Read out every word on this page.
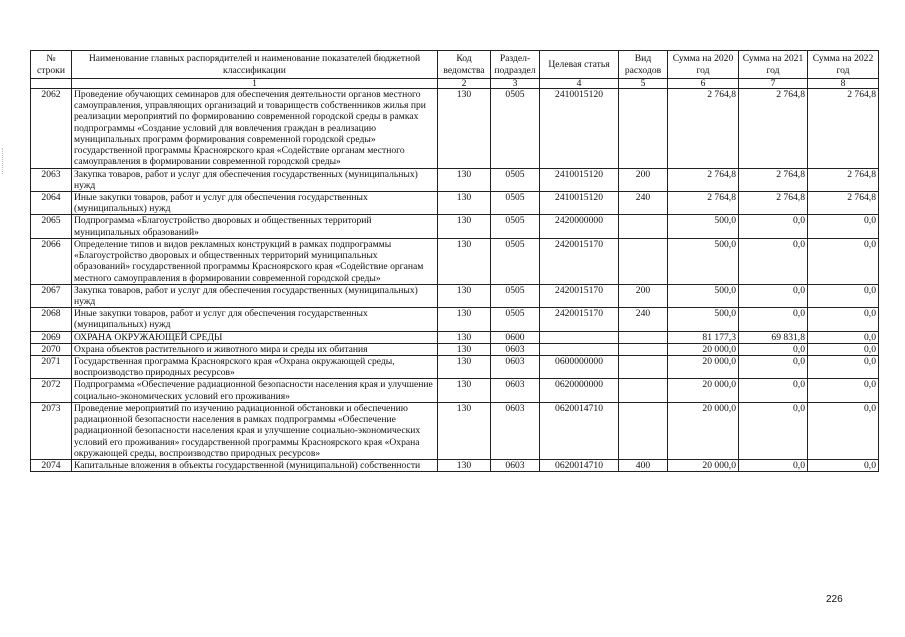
№ строки	Наименование главных распорядителей и наименование показателей бюджетной классификации	Код ведомства	Раздел-подраздел	Целевая статья	Вид расходов	Сумма на 2020 год	Сумма на 2021 год	Сумма на 2022 год
	1	2	3	4	5	6	7	8
2062	Проведение обучающих семинаров для обеспечения деятельности органов местного самоуправления, управляющих организаций и товариществ собственников жилья при реализации мероприятий по формированию современной городской среды в рамках подпрограммы «Создание условий для вовлечения граждан в реализацию муниципальных программ формирования современной городской среды» государственной программы Красноярского края «Содействие органам местного самоуправления в формировании современной городской среды»	130	0505	2410015120		2 764,8	2 764,8	2 764,8
2063	Закупка товаров, работ и услуг для обеспечения государственных (муниципальных) нужд	130	0505	2410015120	200	2 764,8	2 764,8	2 764,8
2064	Иные закупки товаров, работ и услуг для обеспечения государственных (муниципальных) нужд	130	0505	2410015120	240	2 764,8	2 764,8	2 764,8
2065	Подпрограмма «Благоустройство дворовых и общественных территорий муниципальных образований»	130	0505	2420000000		500,0	0,0	0,0
2066	Определение типов и видов рекламных конструкций в рамках подпрограммы «Благоустройство дворовых и общественных территорий муниципальных образований» государственной программы Красноярского края «Содействие органам местного самоуправления в формировании современной городской среды»	130	0505	2420015170		500,0	0,0	0,0
2067	Закупка товаров, работ и услуг для обеспечения государственных (муниципальных) нужд	130	0505	2420015170	200	500,0	0,0	0,0
2068	Иные закупки товаров, работ и услуг для обеспечения государственных (муниципальных) нужд	130	0505	2420015170	240	500,0	0,0	0,0
2069	ОХРАНА ОКРУЖАЮЩЕЙ СРЕДЫ	130	0600			81 177,3	69 831,8	0,0
2070	Охрана объектов растительного и животного мира и среды их обитания	130	0603			20 000,0	0,0	0,0
2071	Государственная программа Красноярского края «Охрана окружающей среды, воспроизводство природных ресурсов»	130	0603	0600000000		20 000,0	0,0	0,0
2072	Подпрограмма «Обеспечение радиационной безопасности населения края и улучшение социально-экономических условий его проживания»	130	0603	0620000000		20 000,0	0,0	0,0
2073	Проведение мероприятий по изучению радиационной обстановки и обеспечению радиационной безопасности населения в рамках подпрограммы «Обеспечение радиационной безопасности населения края и улучшение социально-экономических условий его проживания» государственной программы Красноярского края «Охрана окружающей среды, воспроизводство природных ресурсов»	130	0603	0620014710		20 000,0	0,0	0,0
2074	Капитальные вложения в объекты государственной (муниципальной) собственности	130	0603	0620014710	400	20 000,0	0,0	0,0
226
